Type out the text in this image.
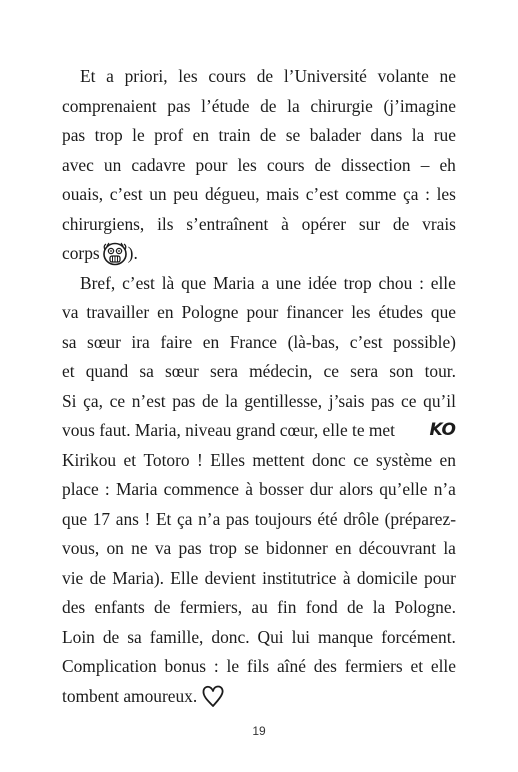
Et a priori, les cours de l’Université volante ne
comprenaient pas l’étude de la chirurgie (j’imagine
pas trop le prof en train de se balader dans la rue
avec un cadavre pour les cours de dissection – eh
ouais, c’est un peu dégueu, mais c’est comme ça : les
chirurgiens, ils s’entraînent à opérer sur de vrais
corps ).
Bref, c’est là que Maria a une idée trop chou : elle
va travailler en Pologne pour financer les études que
sa sœur ira faire en France (là-bas, c’est possible)
et quand sa sœur sera médecin, ce sera son tour.
Si ça, ce n’est pas de la gentillesse, j’sais pas ce qu’il
vous faut. Maria, niveau grand cœur, elle te met KO
Kirikou et Totoro ! Elles mettent donc ce système en
place : Maria commence à bosser dur alors qu’elle n’a
que 17 ans ! Et ça n’a pas toujours été drôle (préparez-
vous, on ne va pas trop se bidonner en découvrant la
vie de Maria). Elle devient institutrice à domicile pour
des enfants de fermiers, au fin fond de la Pologne.
Loin de sa famille, donc. Qui lui manque forcément.
Complication bonus : le fils aîné des fermiers et elle
tombent amoureux.
19
